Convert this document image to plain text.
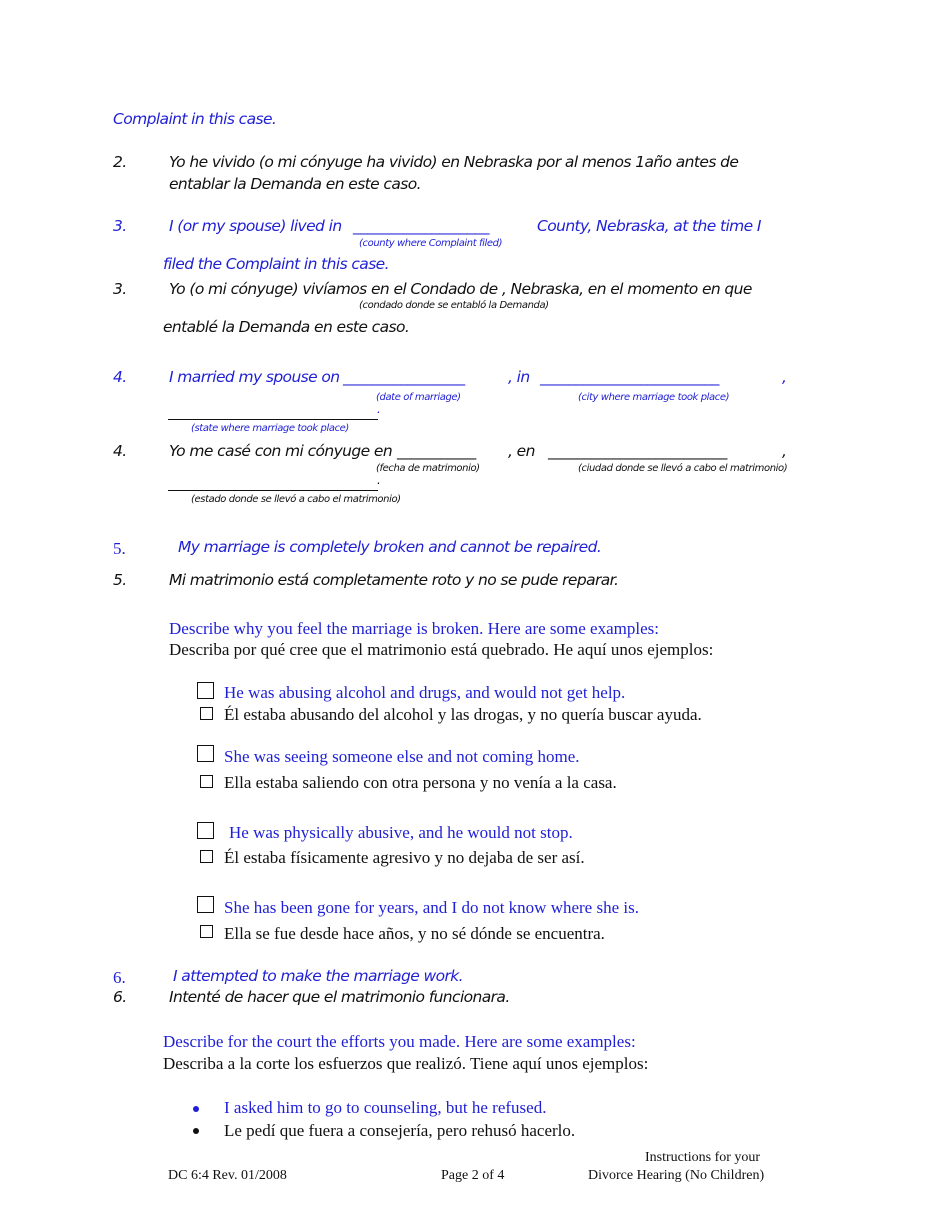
Complaint in this case.
2.	Yo he vivido (o mi cónyuge ha vivido) en Nebraska por al menos 1año antes de
entablar la Demanda en este caso.
3.	I (or my spouse) lived in ___________________	County, Nebraska, at the time I
(county where Complaint filed)
filed the Complaint in this case.
3.	Yo (o mi cónyuge) vivíamos en el Condado de , Nebraska, en el momento en que
(condado donde se entabló la Demanda)
entablé la Demanda en este caso.
4.	I married my spouse on _________________	, in _________________________	,
(date of marriage)	(city where marriage took place)
.
(state where marriage took place)
4.	Yo me casé con mi cónyuge en ___________ , en _________________________	,
(fecha de matrimonio)	(ciudad donde se llevó a cabo el matrimonio)
.
(estado donde se llevó a cabo el matrimonio)
5.	My marriage is completely broken and cannot be repaired.
5.	Mi matrimonio está completamente roto y no se pude reparar.
Describe why you feel the marriage is broken. Here are some examples:
Describa por qué cree que el matrimonio está quebrado. He aquí unos ejemplos:
He was abusing alcohol and drugs, and would not get help.
Él estaba abusando del alcohol y las drogas, y no quería buscar ayuda.
She was seeing someone else and not coming home.
Ella estaba saliendo con otra persona y no venía a la casa.
He was physically abusive, and he would not stop.
Él estaba físicamente agresivo y no dejaba de ser así.
She has been gone for years, and I do not know where she is.
Ella se fue desde hace años, y no sé dónde se encuentra.
6.	I attempted to make the marriage work.
6.	Intenté de hacer que el matrimonio funcionara.
Describe for the court the efforts you made. Here are some examples:
Describa a la corte los esfuerzos que realizó. Tiene aquí unos ejemplos:
I asked him to go to counseling, but he refused.
Le pedí que fuera a consejería, pero rehusó hacerlo.
DC 6:4 Rev. 01/2008	Page 2 of 4
Instructions for your
Divorce Hearing (No Children)
